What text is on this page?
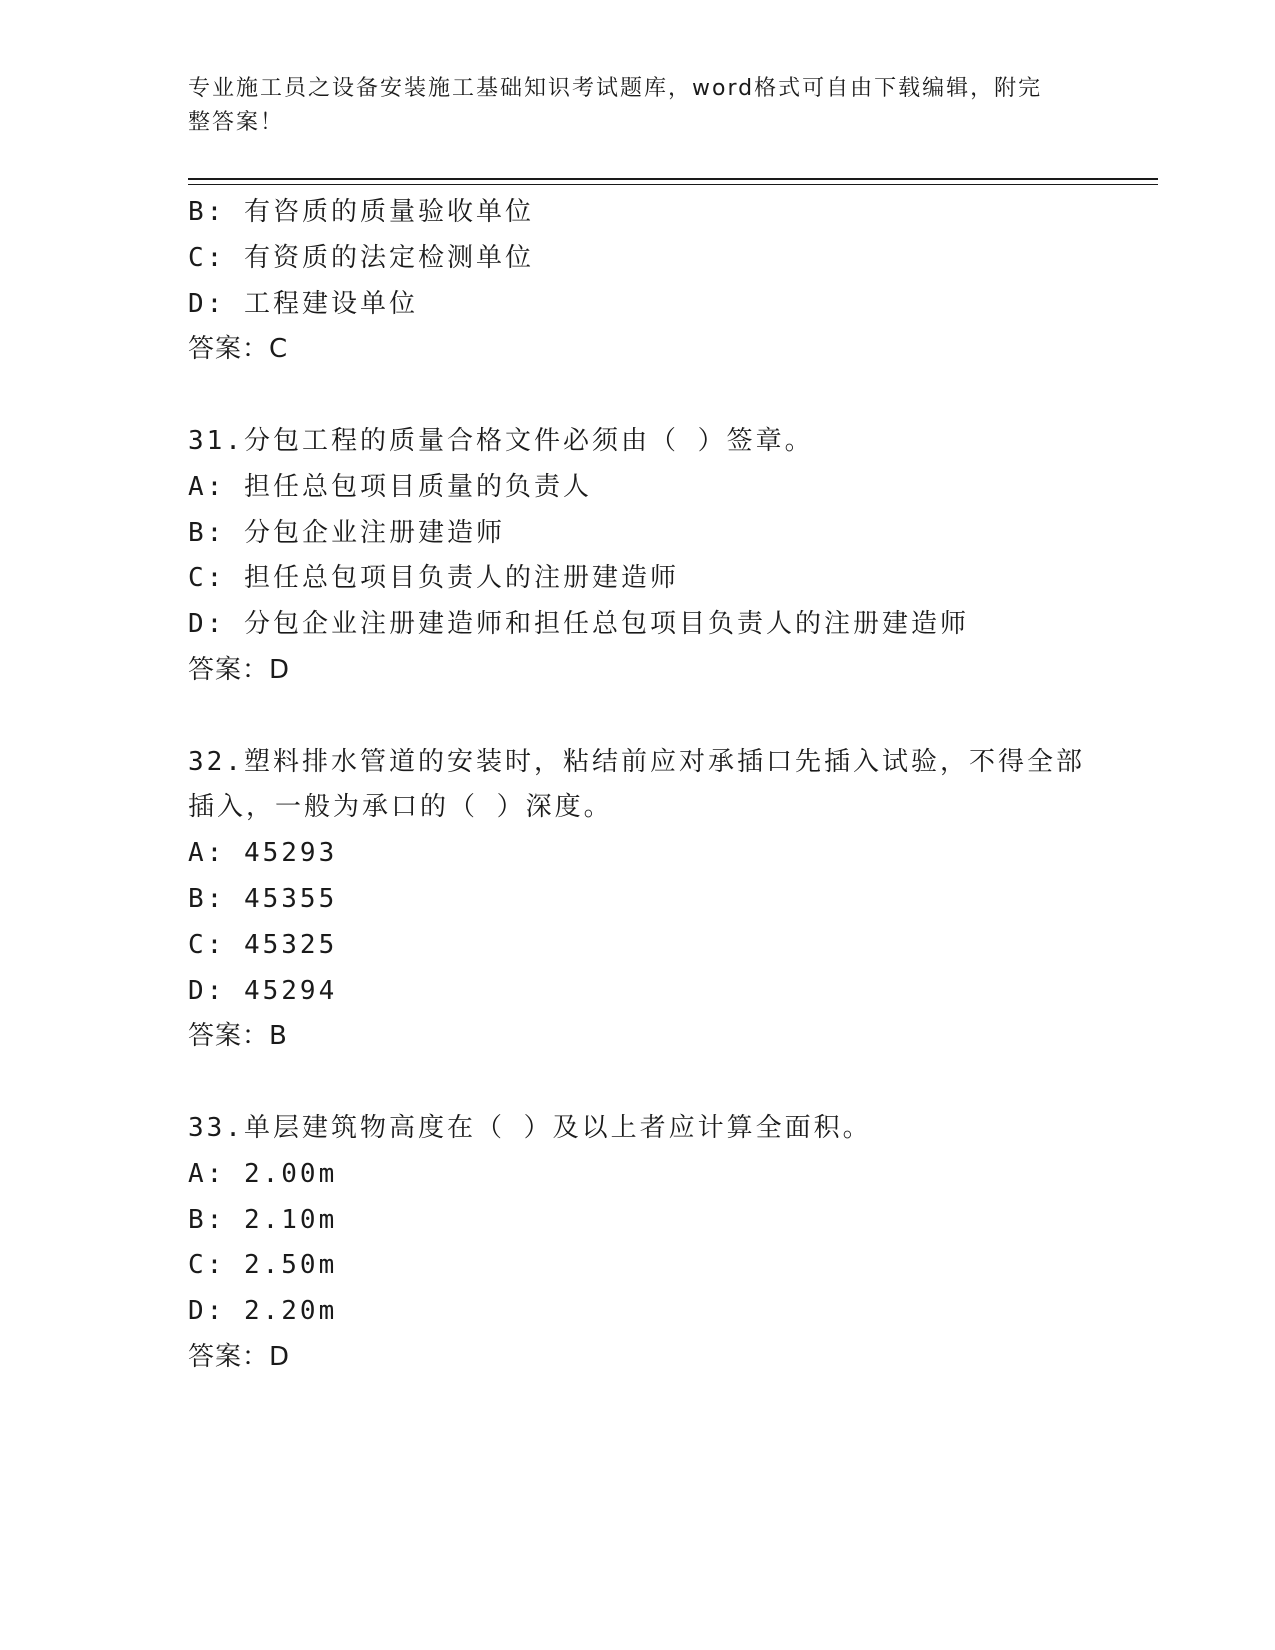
专业施工员之设备安装施工基础知识考试题库，word格式可自由下载编辑，附完
整答案！
B: 有咨质的质量验收单位
C: 有资质的法定检测单位
D: 工程建设单位
答案：C
31.分包工程的质量合格文件必须由（ ）签章。
A: 担任总包项目质量的负责人
B: 分包企业注册建造师
C: 担任总包项目负责人的注册建造师
D: 分包企业注册建造师和担任总包项目负责人的注册建造师
答案：D
32.塑料排水管道的安装时，粘结前应对承插口先插入试验，不得全部
插入，一般为承口的（ ）深度。
A: 45293
B: 45355
C: 45325
D: 45294
答案：B
33.单层建筑物高度在（ ）及以上者应计算全面积。
A: 2.00m
B: 2.10m
C: 2.50m
D: 2.20m
答案：D
